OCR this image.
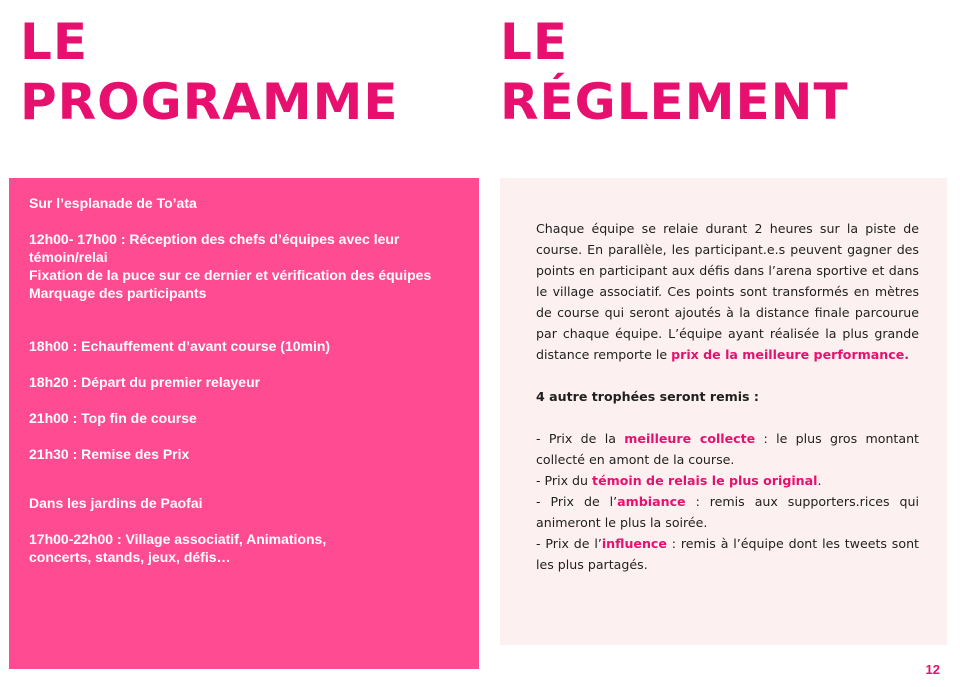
LE
PROGRAMME
LE
RÉGLEMENT

Sur l’esplanade de To’ata

12h00- 17h00 : Réception des chefs d’équipes avec leur témoin/relai

Fixation de la puce sur ce dernier et vérification des équipes

Marquage des participants

18h00 : Echauffement d’avant course (10min)

18h20 : Départ du premier relayeur

21h00 : Top fin de course

21h30 : Remise des Prix

Dans les jardins de Paofai

17h00-22h00 : Village associatif, Animations, concerts, stands, jeux, défis…

Chaque équipe se relaie durant 2 heures sur la piste de course. En parallèle, les participant.e.s peuvent gagner des points en participant aux défis dans l’arena sportive et dans le village associatif. Ces points sont transformés en mètres de course qui seront ajoutés à la distance finale parcourue par chaque équipe. L’équipe ayant réalisée la plus grande distance remporte le prix de la meilleure performance.

4 autre trophées seront remis :

- Prix de la meilleure collecte : le plus gros montant collecté en amont de la course.

- Prix du témoin de relais le plus original.

- Prix de l’ambiance : remis aux supporters.rices qui animeront le plus la soirée.

- Prix de l’influence : remis à l’équipe dont les tweets sont les plus partagés.

12
